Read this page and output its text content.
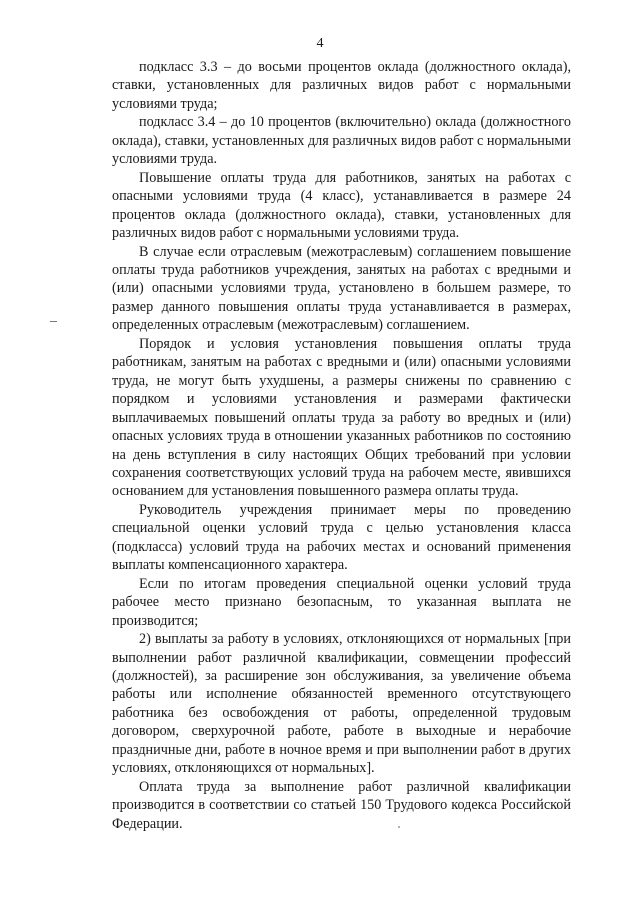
4

подкласс 3.3 – до восьми процентов оклада (должностного оклада), ставки, установленных для различных видов работ с нормальными условиями труда;

подкласс 3.4 – до 10 процентов (включительно) оклада (должностного оклада), ставки, установленных для различных видов работ с нормальными условиями труда.

Повышение оплаты труда для работников, занятых на работах с опасными условиями труда (4 класс), устанавливается в размере 24 процентов оклада (должностного оклада), ставки, установленных для различных видов работ с нормальными условиями труда.

В случае если отраслевым (межотраслевым) соглашением повышение оплаты труда работников учреждения, занятых на работах с вредными и (или) опасными условиями труда, установлено в большем размере, то размер данного повышения оплаты труда устанавливается в размерах, определенных отраслевым (межотраслевым) соглашением.

Порядок и условия установления повышения оплаты труда работникам, занятым на работах с вредными и (или) опасными условиями труда, не могут быть ухудшены, а размеры снижены по сравнению с порядком и условиями установления и размерами фактически выплачиваемых повышений оплаты труда за работу во вредных и (или) опасных условиях труда в отношении указанных работников по состоянию на день вступления в силу настоящих Общих требований при условии сохранения соответствующих условий труда на рабочем месте, явившихся основанием для установления повышенного размера оплаты труда.

Руководитель учреждения принимает меры по проведению специальной оценки условий труда с целью установления класса (подкласса) условий труда на рабочих местах и оснований применения выплаты компенсационного характера.

Если по итогам проведения специальной оценки условий труда рабочее место признано безопасным, то указанная выплата не производится;

2) выплаты за работу в условиях, отклоняющихся от нормальных [при выполнении работ различной квалификации, совмещении профессий (должностей), за расширение зон обслуживания, за увеличение объема работы или исполнение обязанностей временного отсутствующего работника без освобождения от работы, определенной трудовым договором, сверхурочной работе, работе в выходные и нерабочие праздничные дни, работе в ночное время и при выполнении работ в других условиях, отклоняющихся от нормальных].

Оплата труда за выполнение работ различной квалификации производится в соответствии со статьей 150 Трудового кодекса Российской Федерации.
